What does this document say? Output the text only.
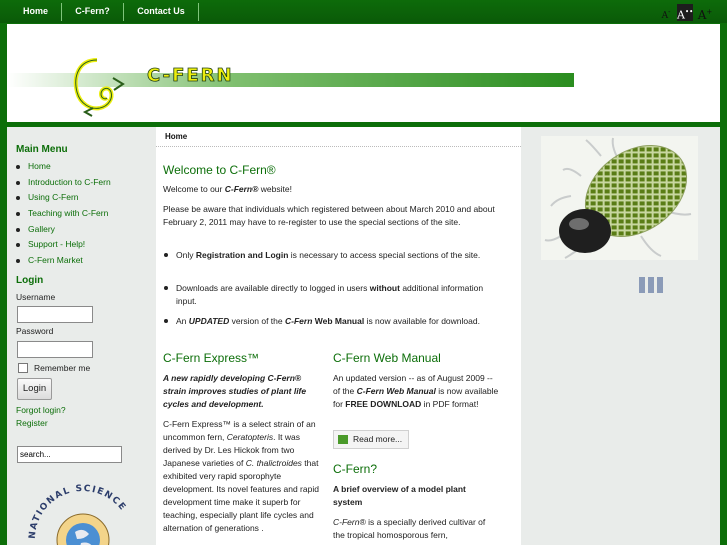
Home	C-Fern?	Contact Us	A- A•• A+
C-FERN
Main Menu
Home
Introduction to C-Fern
Using C-Fern
Teaching with C-Fern
Gallery
Support - Help!
C-Fern Market
Login
Username
Password
Remember me
Login
Forgot login?
Register
search...
NATIONAL SCIENCE
Home
Welcome to C-Fern®
Welcome to our C-Fern® website!
Please be aware that individuals which registered between about March 2010 and about February 2, 2011 may have to re-register to use the special sections of the site.
Only Registration and Login is necessary to access special sections of the site.
Downloads are available directly to logged in users without additional information input.
An UPDATED version of the C-Fern Web Manual is now available for download.
C-Fern Express™
A new rapidly developing C-Fern® strain improves studies of plant life cycles and development.
C-Fern Express™ is a select strain of an uncommon fern, Ceratopteris. It was derived by Dr. Les Hickok from two Japanese varieties of C. thalictroides that exhibited very rapid sporophyte development. Its novel features and rapid development time make it superb for teaching, especially plant life cycles and alternation of generations .
C-Fern Web Manual
An updated version -- as of August 2009 -- of the C-Fern Web Manual is now available for FREE DOWNLOAD in PDF format!
Read more...
C-Fern?
A brief overview of a model plant system
C-Fern® is a specially derived cultivar of the tropical homosporous fern,
